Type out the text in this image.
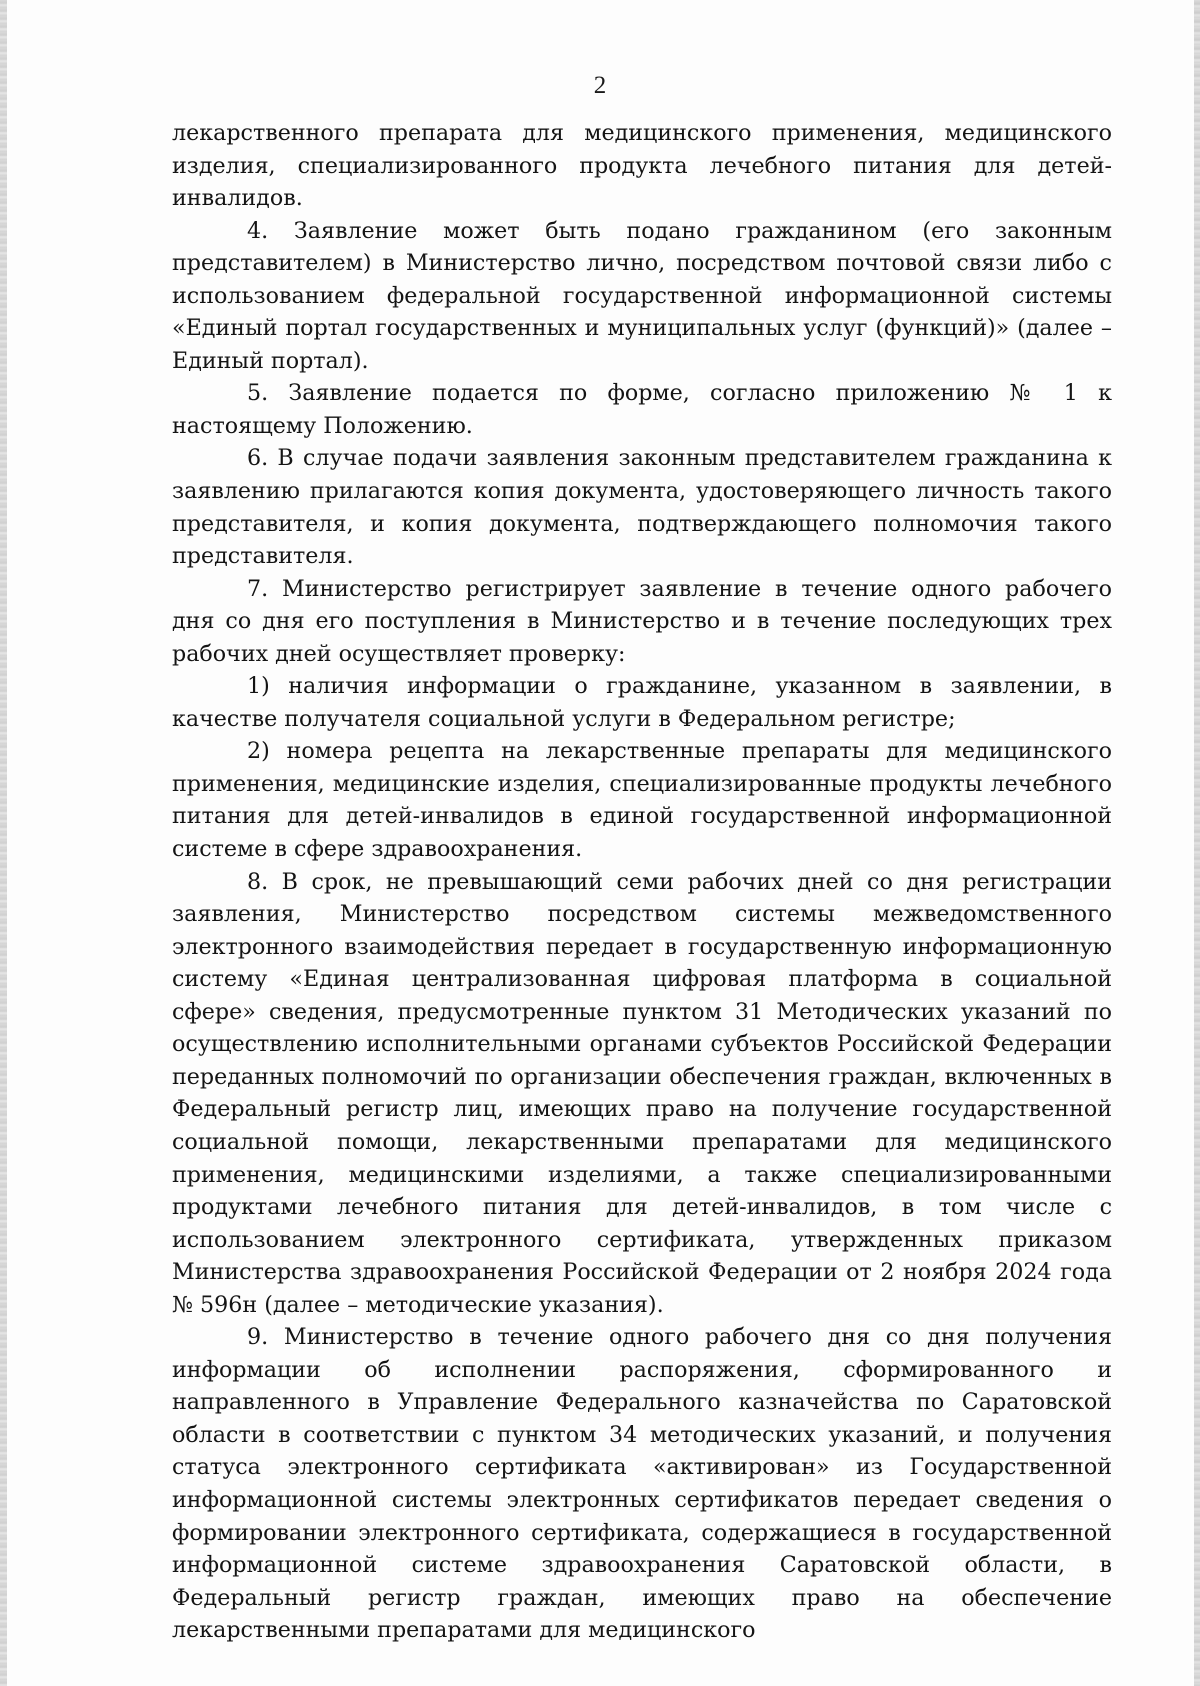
2

лекарственного препарата для медицинского применения, медицинского изделия, специализированного продукта лечебного питания для детей-инвалидов.

4. Заявление может быть подано гражданином (его законным представителем) в Министерство лично, посредством почтовой связи либо с использованием федеральной государственной информационной системы «Единый портал государственных и муниципальных услуг (функций)» (далее – Единый портал).

5. Заявление подается по форме, согласно приложению № 1 к настоящему Положению.

6. В случае подачи заявления законным представителем гражданина к заявлению прилагаются копия документа, удостоверяющего личность такого представителя, и копия документа, подтверждающего полномочия такого представителя.

7. Министерство регистрирует заявление в течение одного рабочего дня со дня его поступления в Министерство и в течение последующих трех рабочих дней осуществляет проверку:

1) наличия информации о гражданине, указанном в заявлении, в качестве получателя социальной услуги в Федеральном регистре;

2) номера рецепта на лекарственные препараты для медицинского применения, медицинские изделия, специализированные продукты лечебного питания для детей-инвалидов в единой государственной информационной системе в сфере здравоохранения.

8. В срок, не превышающий семи рабочих дней со дня регистрации заявления, Министерство посредством системы межведомственного электронного взаимодействия передает в государственную информационную систему «Единая централизованная цифровая платформа в социальной сфере» сведения, предусмотренные пунктом 31 Методических указаний по осуществлению исполнительными органами субъектов Российской Федерации переданных полномочий по организации обеспечения граждан, включенных в Федеральный регистр лиц, имеющих право на получение государственной социальной помощи, лекарственными препаратами для медицинского применения, медицинскими изделиями, а также специализированными продуктами лечебного питания для детей-инвалидов, в том числе с использованием электронного сертификата, утвержденных приказом Министерства здравоохранения Российской Федерации от 2 ноября 2024 года № 596н (далее – методические указания).

9. Министерство в течение одного рабочего дня со дня получения информации об исполнении распоряжения, сформированного и направленного в Управление Федерального казначейства по Саратовской области в соответствии с пунктом 34 методических указаний, и получения статуса электронного сертификата «активирован» из Государственной информационной системы электронных сертификатов передает сведения о формировании электронного сертификата, содержащиеся в государственной информационной системе здравоохранения Саратовской области, в Федеральный регистр граждан, имеющих право на обеспечение лекарственными препаратами для медицинского
